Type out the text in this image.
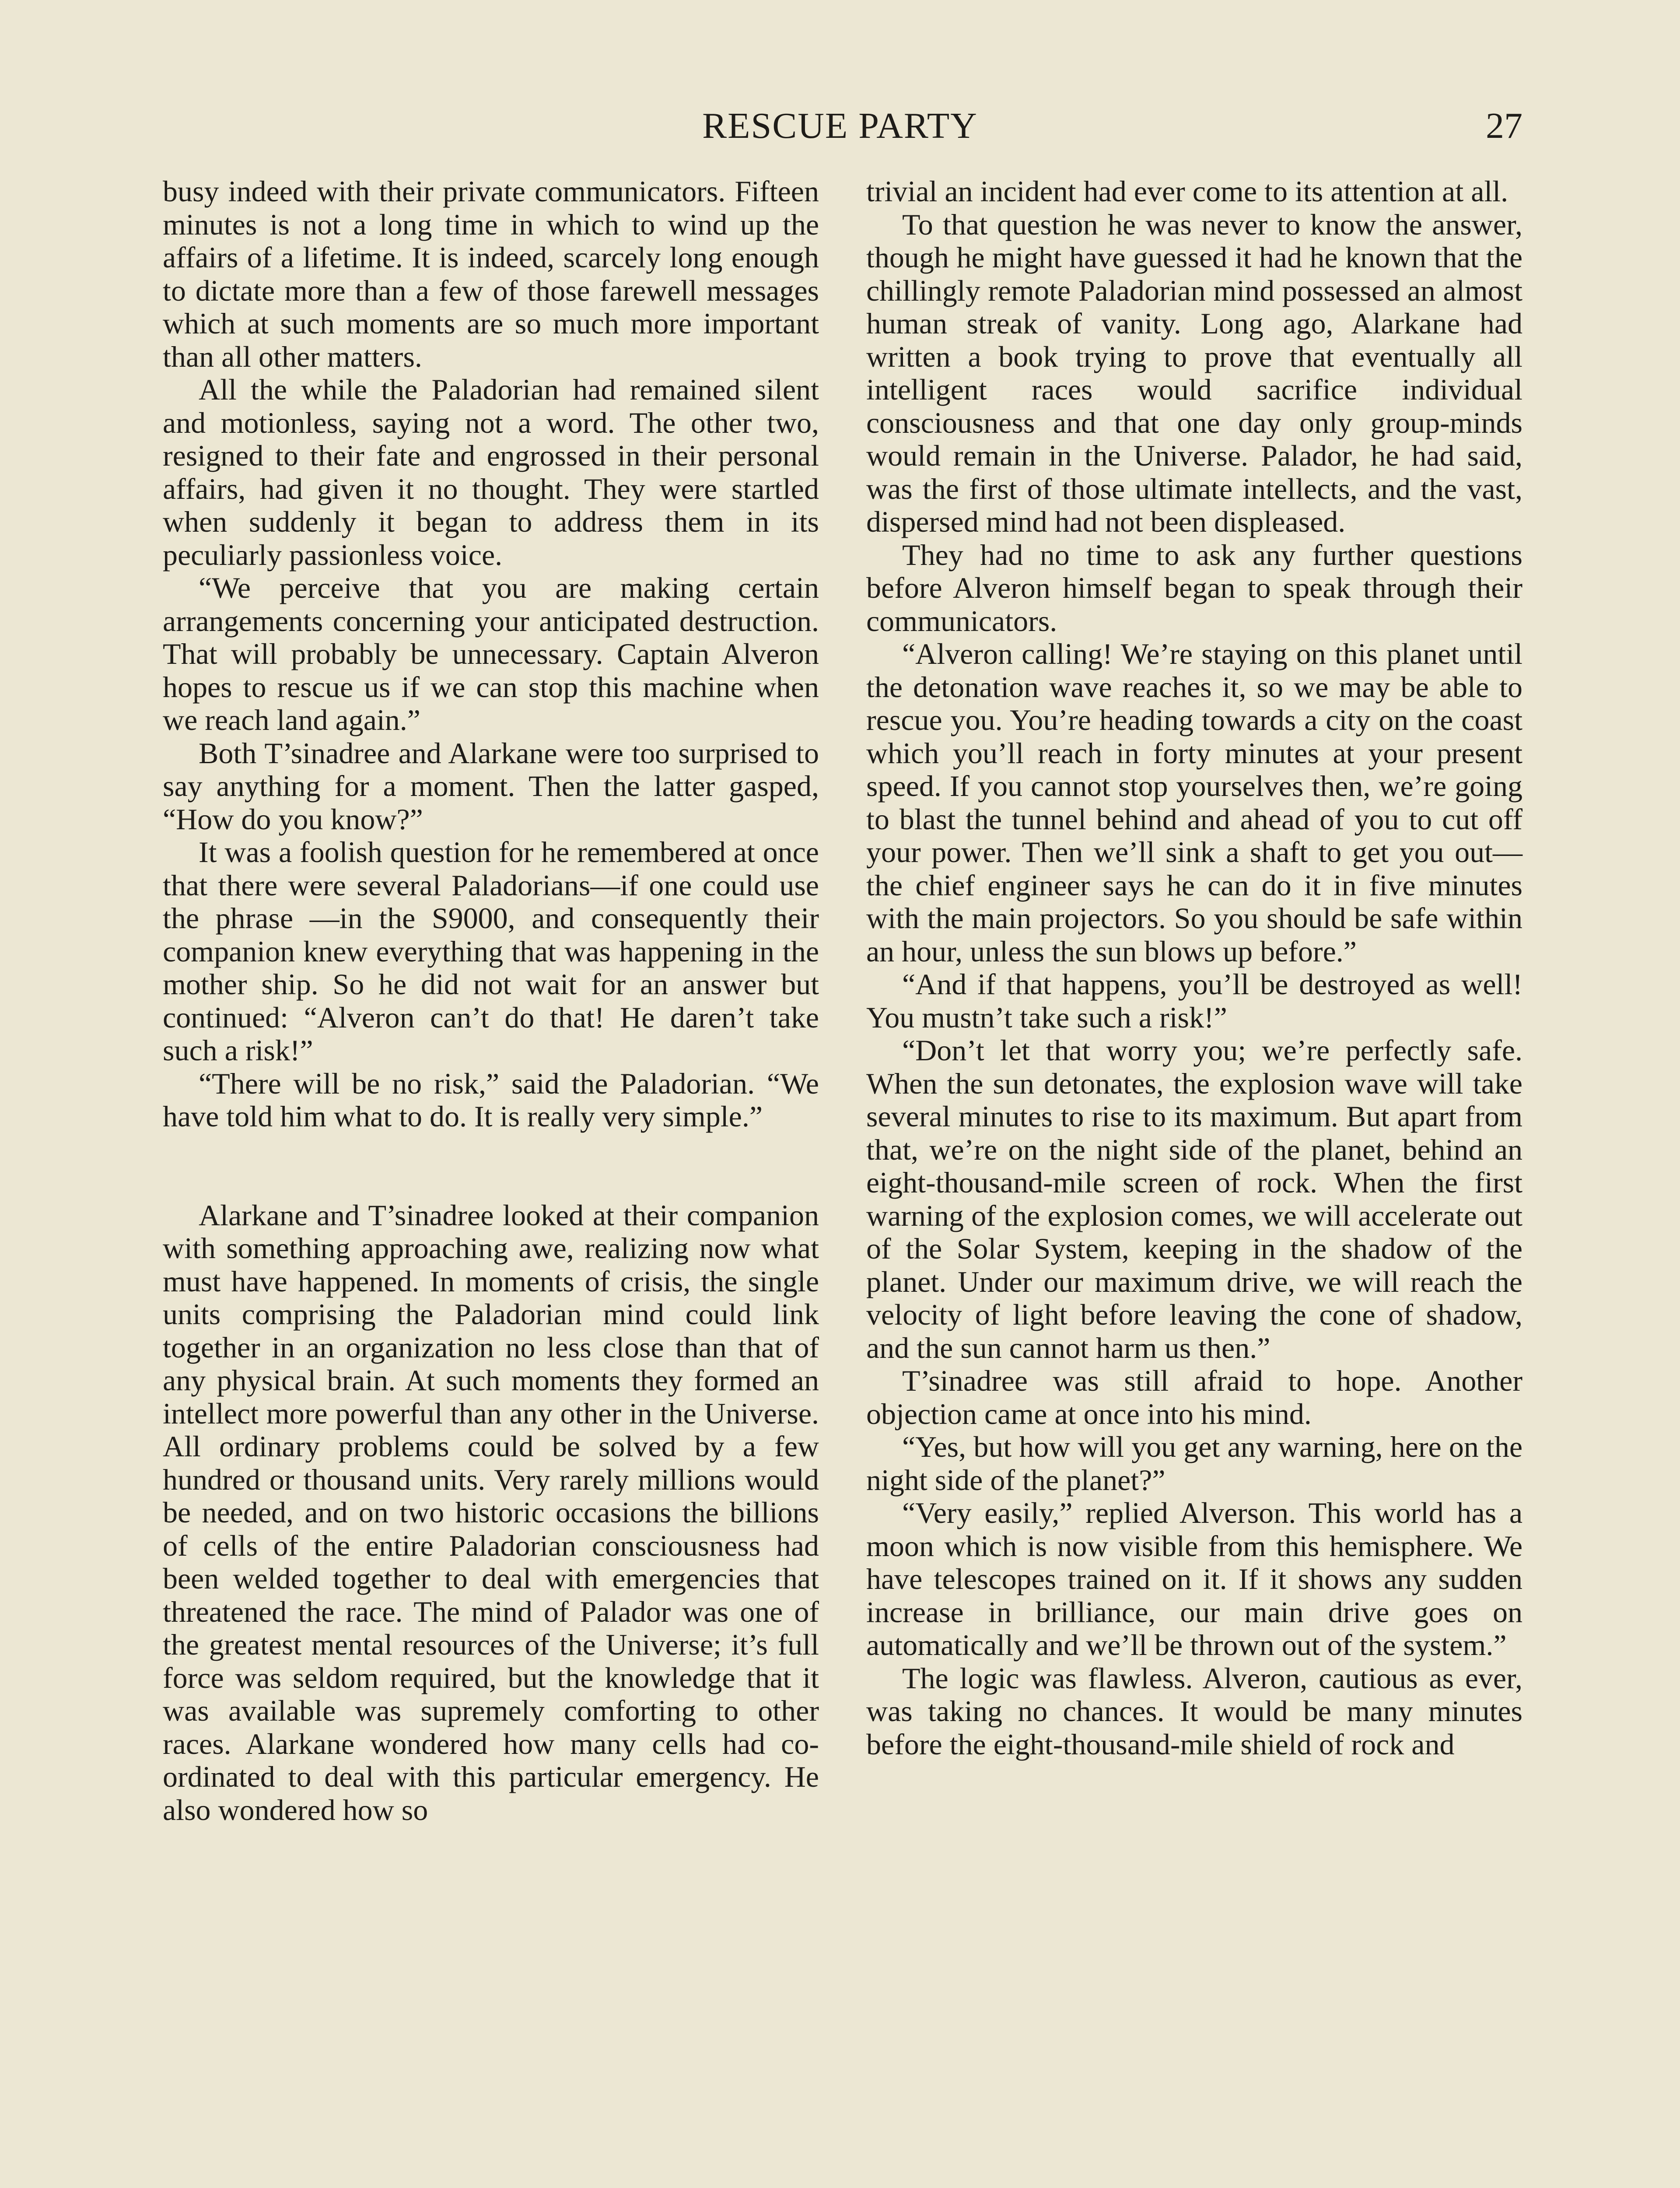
RESCUE PARTY	27

busy indeed with their private communicators. Fifteen minutes is not a long time in which to wind up the affairs of a lifetime. It is indeed, scarcely long enough to dictate more than a few of those farewell messages which at such moments are so much more important than all other matters.

All the while the Paladorian had remained silent and motionless, saying not a word. The other two, resigned to their fate and engrossed in their personal affairs, had given it no thought. They were startled when suddenly it began to address them in its peculiarly passionless voice.

“We perceive that you are making certain arrangements concerning your anticipated destruction. That will probably be unnecessary. Captain Alveron hopes to rescue us if we can stop this machine when we reach land again.”

Both T’sinadree and Alarkane were too surprised to say anything for a moment. Then the latter gasped, “How do you know?”

It was a foolish question for he remembered at once that there were several Paladorians—if one could use the phrase —in the S9000, and consequently their companion knew everything that was happening in the mother ship. So he did not wait for an answer but continued: “Alveron can’t do that! He daren’t take such a risk!”

“There will be no risk,” said the Paladorian. “We have told him what to do. It is really very simple.”

Alarkane and T’sinadree looked at their companion with something approaching awe, realizing now what must have happened. In moments of crisis, the single units comprising the Paladorian mind could link together in an organization no less close than that of any physical brain. At such moments they formed an intellect more powerful than any other in the Universe. All ordinary problems could be solved by a few hundred or thousand units. Very rarely millions would be needed, and on two historic occasions the billions of cells of the entire Paladorian consciousness had been welded together to deal with emergencies that threatened the race. The mind of Palador was one of the greatest mental resources of the Universe; it’s full force was seldom required, but the knowledge that it was available was supremely comforting to other races. Alarkane wondered how many cells had co-ordinated to deal with this particular emergency. He also wondered how so

trivial an incident had ever come to its attention at all.

To that question he was never to know the answer, though he might have guessed it had he known that the chillingly remote Paladorian mind possessed an almost human streak of vanity. Long ago, Alarkane had written a book trying to prove that eventually all intelligent races would sacrifice individual consciousness and that one day only group-minds would remain in the Universe. Palador, he had said, was the first of those ultimate intellects, and the vast, dispersed mind had not been displeased.

They had no time to ask any further questions before Alveron himself began to speak through their communicators.

“Alveron calling! We’re staying on this planet until the detonation wave reaches it, so we may be able to rescue you. You’re heading towards a city on the coast which you’ll reach in forty minutes at your present speed. If you cannot stop yourselves then, we’re going to blast the tunnel behind and ahead of you to cut off your power. Then we’ll sink a shaft to get you out—the chief engineer says he can do it in five minutes with the main projectors. So you should be safe within an hour, unless the sun blows up before.”

“And if that happens, you’ll be destroyed as well! You mustn’t take such a risk!”

“Don’t let that worry you; we’re perfectly safe. When the sun detonates, the explosion wave will take several minutes to rise to its maximum. But apart from that, we’re on the night side of the planet, behind an eight-thousand-mile screen of rock. When the first warning of the explosion comes, we will accelerate out of the Solar System, keeping in the shadow of the planet. Under our maximum drive, we will reach the velocity of light before leaving the cone of shadow, and the sun cannot harm us then.”

T’sinadree was still afraid to hope. Another objection came at once into his mind.

“Yes, but how will you get any warning, here on the night side of the planet?”

“Very easily,” replied Alverson. This world has a moon which is now visible from this hemisphere. We have telescopes trained on it. If it shows any sudden increase in brilliance, our main drive goes on automatically and we’ll be thrown out of the system.”

The logic was flawless. Alveron, cautious as ever, was taking no chances. It would be many minutes before the eight-thousand-mile shield of rock and
